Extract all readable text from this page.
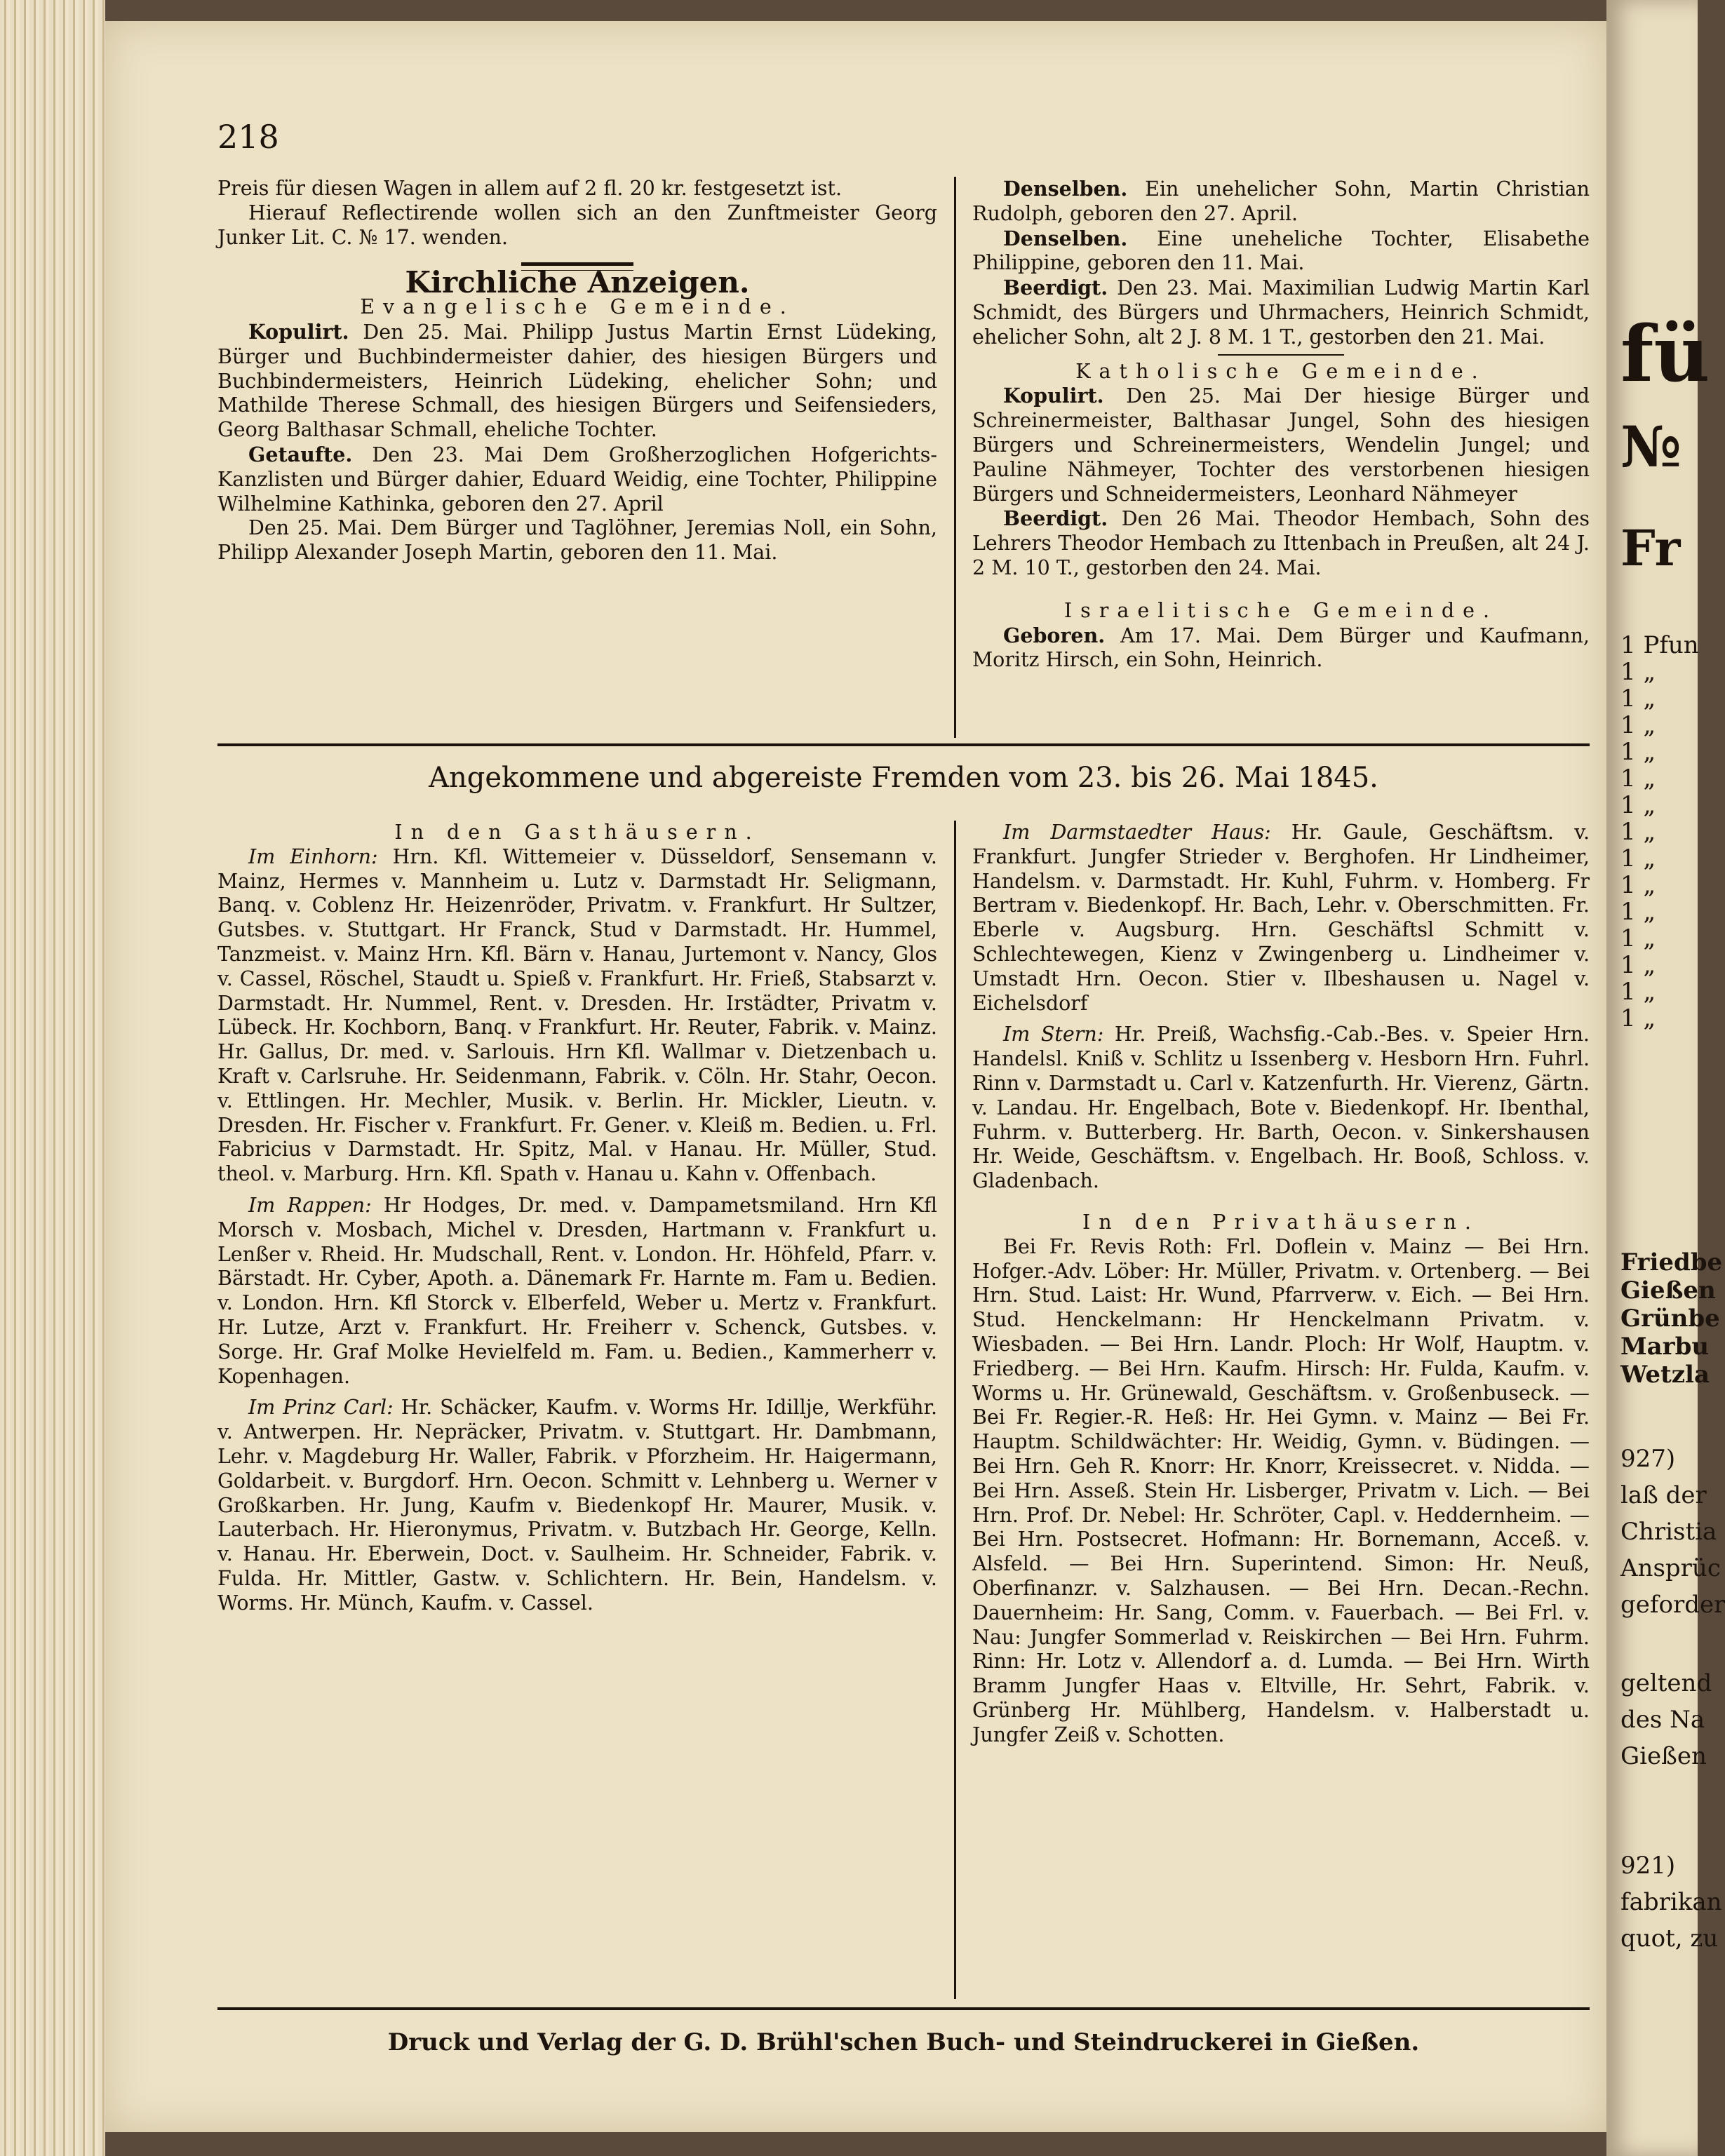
218

Preis für diesen Wagen in allem auf 2 fl. 20 kr. festgesetzt ist.

Hierauf Reflectirende wollen sich an den Zunftmeister Georg Junker Lit. C. № 17. wenden.

Kirchliche Anzeigen.

Evangelische Gemeinde.

Kopulirt. Den 25. Mai. Philipp Justus Martin Ernst Lüdeking, Bürger und Buchbindermeister dahier, des hiesigen Bürgers und Buchbindermeisters, Heinrich Lüdeking, ehelicher Sohn; und Mathilde Therese Schmall, des hiesigen Bürgers und Seifensieders, Georg Balthasar Schmall, eheliche Tochter.

Getaufte. Den 23. Mai Dem Großherzoglichen Hofgerichts-Kanzlisten und Bürger dahier, Eduard Weidig, eine Tochter, Philippine Wilhelmine Kathinka, geboren den 27. April

Den 25. Mai. Dem Bürger und Taglöhner, Jeremias Noll, ein Sohn, Philipp Alexander Joseph Martin, geboren den 11. Mai.

Denselben. Ein unehelicher Sohn, Martin Christian Rudolph, geboren den 27. April.

Denselben. Eine uneheliche Tochter, Elisabethe Philippine, geboren den 11. Mai.

Beerdigt. Den 23. Mai. Maximilian Ludwig Martin Karl Schmidt, des Bürgers und Uhrmachers, Heinrich Schmidt, ehelicher Sohn, alt 2 J. 8 M. 1 T., gestorben den 21. Mai.

Katholische Gemeinde.

Kopulirt. Den 25. Mai Der hiesige Bürger und Schreinermeister, Balthasar Jungel, Sohn des hiesigen Bürgers und Schreinermeisters, Wendelin Jungel; und Pauline Nähmeyer, Tochter des verstorbenen hiesigen Bürgers und Schneidermeisters, Leonhard Nähmeyer

Beerdigt. Den 26 Mai. Theodor Hembach, Sohn des Lehrers Theodor Hembach zu Ittenbach in Preußen, alt 24 J. 2 M. 10 T., gestorben den 24. Mai.

Israelitische Gemeinde.

Geboren. Am 17. Mai. Dem Bürger und Kaufmann, Moritz Hirsch, ein Sohn, Heinrich.

Angekommene und abgereiste Fremden vom 23. bis 26. Mai 1845.

In den Gasthäusern.

Im Einhorn: Hrn. Kfl. Wittemeier v. Düsseldorf, Sensemann v. Mainz, Hermes v. Mannheim u. Lutz v. Darmstadt Hr. Seligmann, Banq. v. Coblenz Hr. Heizenröder, Privatm. v. Frankfurt. Hr Sultzer, Gutsbes. v. Stuttgart. Hr Franck, Stud v Darmstadt. Hr. Hummel, Tanzmeist. v. Mainz Hrn. Kfl. Bärn v. Hanau, Jurtemont v. Nancy, Glos v. Cassel, Röschel, Staudt u. Spieß v. Frankfurt. Hr. Frieß, Stabsarzt v. Darmstadt. Hr. Nummel, Rent. v. Dresden. Hr. Irstädter, Privatm v. Lübeck. Hr. Kochborn, Banq. v Frankfurt. Hr. Reuter, Fabrik. v. Mainz. Hr. Gallus, Dr. med. v. Sarlouis. Hrn Kfl. Wallmar v. Dietzenbach u. Kraft v. Carlsruhe. Hr. Seidenmann, Fabrik. v. Cöln. Hr. Stahr, Oecon. v. Ettlingen. Hr. Mechler, Musik. v. Berlin. Hr. Mickler, Lieutn. v. Dresden. Hr. Fischer v. Frankfurt. Fr. Gener. v. Kleiß m. Bedien. u. Frl. Fabricius v Darmstadt. Hr. Spitz, Mal. v Hanau. Hr. Müller, Stud. theol. v. Marburg. Hrn. Kfl. Spath v. Hanau u. Kahn v. Offenbach.

Im Rappen: Hr Hodges, Dr. med. v. Dampametsmiland. Hrn Kfl Morsch v. Mosbach, Michel v. Dresden, Hartmann v. Frankfurt u. Lenßer v. Rheid. Hr. Mudschall, Rent. v. London. Hr. Höhfeld, Pfarr. v. Bärstadt. Hr. Cyber, Apoth. a. Dänemark Fr. Harnte m. Fam u. Bedien. v. London. Hrn. Kfl Storck v. Elberfeld, Weber u. Mertz v. Frankfurt. Hr. Lutze, Arzt v. Frankfurt. Hr. Freiherr v. Schenck, Gutsbes. v. Sorge. Hr. Graf Molke Hevielfeld m. Fam. u. Bedien., Kammerherr v. Kopenhagen.

Im Prinz Carl: Hr. Schäcker, Kaufm. v. Worms Hr. Idillje, Werkführ. v. Antwerpen. Hr. Nepräcker, Privatm. v. Stuttgart. Hr. Dambmann, Lehr. v. Magdeburg Hr. Waller, Fabrik. v Pforzheim. Hr. Haigermann, Goldarbeit. v. Burgdorf. Hrn. Oecon. Schmitt v. Lehnberg u. Werner v Großkarben. Hr. Jung, Kaufm v. Biedenkopf Hr. Maurer, Musik. v. Lauterbach. Hr. Hieronymus, Privatm. v. Butzbach Hr. George, Kelln. v. Hanau. Hr. Eberwein, Doct. v. Saulheim. Hr. Schneider, Fabrik. v. Fulda. Hr. Mittler, Gastw. v. Schlichtern. Hr. Bein, Handelsm. v. Worms. Hr. Münch, Kaufm. v. Cassel.

Im Darmstaedter Haus: Hr. Gaule, Geschäftsm. v. Frankfurt. Jungfer Strieder v. Berghofen. Hr Lindheimer, Handelsm. v. Darmstadt. Hr. Kuhl, Fuhrm. v. Homberg. Fr Bertram v. Biedenkopf. Hr. Bach, Lehr. v. Oberschmitten. Fr. Eberle v. Augsburg. Hrn. Geschäftsl Schmitt v. Schlechtewegen, Kienz v Zwingenberg u. Lindheimer v. Umstadt Hrn. Oecon. Stier v. Ilbeshausen u. Nagel v. Eichelsdorf

Im Stern: Hr. Preiß, Wachsfig.-Cab.-Bes. v. Speier Hrn. Handelsl. Kniß v. Schlitz u Issenberg v. Hesborn Hrn. Fuhrl. Rinn v. Darmstadt u. Carl v. Katzenfurth. Hr. Vierenz, Gärtn. v. Landau. Hr. Engelbach, Bote v. Biedenkopf. Hr. Ibenthal, Fuhrm. v. Butterberg. Hr. Barth, Oecon. v. Sinkershausen Hr. Weide, Geschäftsm. v. Engelbach. Hr. Booß, Schloss. v. Gladenbach.

In den Privathäusern.

Bei Fr. Revis Roth: Frl. Doflein v. Mainz — Bei Hrn. Hofger.-Adv. Löber: Hr. Müller, Privatm. v. Ortenberg. — Bei Hrn. Stud. Laist: Hr. Wund, Pfarrverw. v. Eich. — Bei Hrn. Stud. Henckelmann: Hr Henckelmann Privatm. v. Wiesbaden. — Bei Hrn. Landr. Ploch: Hr Wolf, Hauptm. v. Friedberg. — Bei Hrn. Kaufm. Hirsch: Hr. Fulda, Kaufm. v. Worms u. Hr. Grünewald, Geschäftsm. v. Großenbuseck. — Bei Fr. Regier.-R. Heß: Hr. Hei Gymn. v. Mainz — Bei Fr. Hauptm. Schildwächter: Hr. Weidig, Gymn. v. Büdingen. — Bei Hrn. Geh R. Knorr: Hr. Knorr, Kreissecret. v. Nidda. — Bei Hrn. Asseß. Stein Hr. Lisberger, Privatm v. Lich. — Bei Hrn. Prof. Dr. Nebel: Hr. Schröter, Capl. v. Heddernheim. — Bei Hrn. Postsecret. Hofmann: Hr. Bornemann, Acceß. v. Alsfeld. — Bei Hrn. Superintend. Simon: Hr. Neuß, Oberfinanzr. v. Salzhausen. — Bei Hrn. Decan.-Rechn. Dauernheim: Hr. Sang, Comm. v. Fauerbach. — Bei Frl. v. Nau: Jungfer Sommerlad v. Reiskirchen — Bei Hrn. Fuhrm. Rinn: Hr. Lotz v. Allendorf a. d. Lumda. — Bei Hrn. Wirth Bramm Jungfer Haas v. Eltville, Hr. Sehrt, Fabrik. v. Grünberg Hr. Mühlberg, Handelsm. v. Halberstadt u. Jungfer Zeiß v. Schotten.

Druck und Verlag der G. D. Brühl'schen Buch- und Steindruckerei in Gießen.
fü
№
Fr
1 Pfun
1 „
1 „
1 „
1 „
1 „
1 „
1 „
1 „
1 „
1 „
1 „
1 „
1 „
1 „
Friedbe
Gießen
Grünbe
Marbu
Wetzla
927)
laß der
Christia
Ansprüc
geforder
geltend
des Na
Gießen
921)
fabrikan
quot, zu
